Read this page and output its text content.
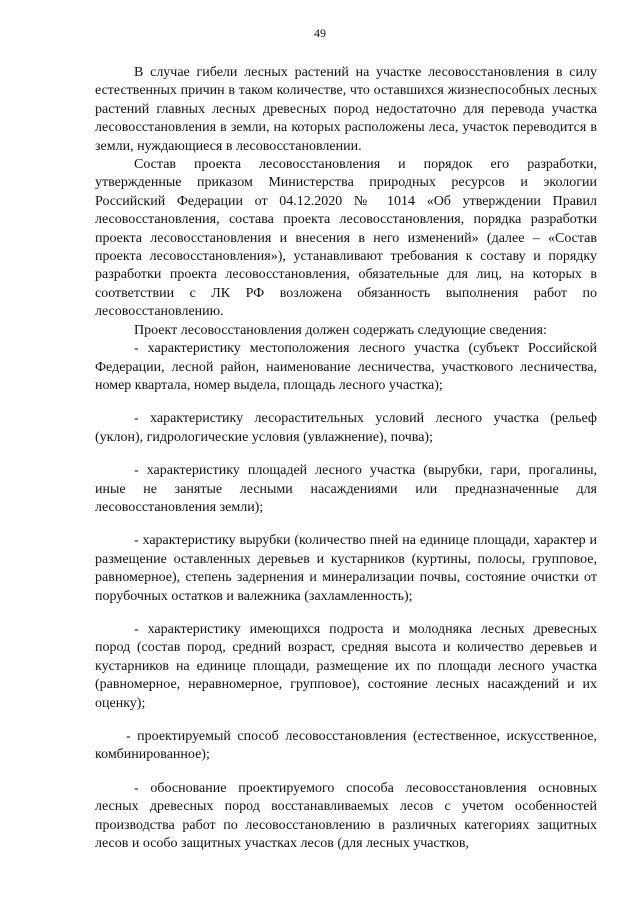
49

В случае гибели лесных растений на участке лесовосстановления в силу естественных причин в таком количестве, что оставшихся жизнеспособных лесных растений главных лесных древесных пород недостаточно для перевода участка лесовосстановления в земли, на которых расположены леса, участок переводится в земли, нуждающиеся в лесовосстановлении.

Состав проекта лесовосстановления и порядок его разработки, утвержденные приказом Министерства природных ресурсов и экологии Российский Федерации от 04.12.2020 № 1014 «Об утверждении Правил лесовосстановления, состава проекта лесовосстановления, порядка разработки проекта лесовосстановления и внесения в него изменений» (далее – «Состав проекта лесовосстановления»), устанавливают требования к составу и порядку разработки проекта лесовосстановления, обязательные для лиц, на которых в соответствии с ЛК РФ возложена обязанность выполнения работ по лесовосстановлению.

Проект лесовосстановления должен содержать следующие сведения:

- характеристику местоположения лесного участка (субъект Российской Федерации, лесной район, наименование лесничества, участкового лесничества, номер квартала, номер выдела, площадь лесного участка);

- характеристику лесорастительных условий лесного участка (рельеф (уклон), гидрологические условия (увлажнение), почва);

- характеристику площадей лесного участка (вырубки, гари, прогалины, иные не занятые лесными насаждениями или предназначенные для лесовосстановления земли);

- характеристику вырубки (количество пней на единице площади, характер и размещение оставленных деревьев и кустарников (куртины, полосы, групповое, равномерное), степень задернения и минерализации почвы, состояние очистки от порубочных остатков и валежника (захламленность);

- характеристику имеющихся подроста и молодняка лесных древесных пород (состав пород, средний возраст, средняя высота и количество деревьев и кустарников на единице площади, размещение их по площади лесного участка (равномерное, неравномерное, групповое), состояние лесных насаждений и их оценку);

- проектируемый способ лесовосстановления (естественное, искусственное, комбинированное);

- обоснование проектируемого способа лесовосстановления основных лесных древесных пород восстанавливаемых лесов с учетом особенностей производства работ по лесовосстановлению в различных категориях защитных лесов и особо защитных участках лесов (для лесных участков,
